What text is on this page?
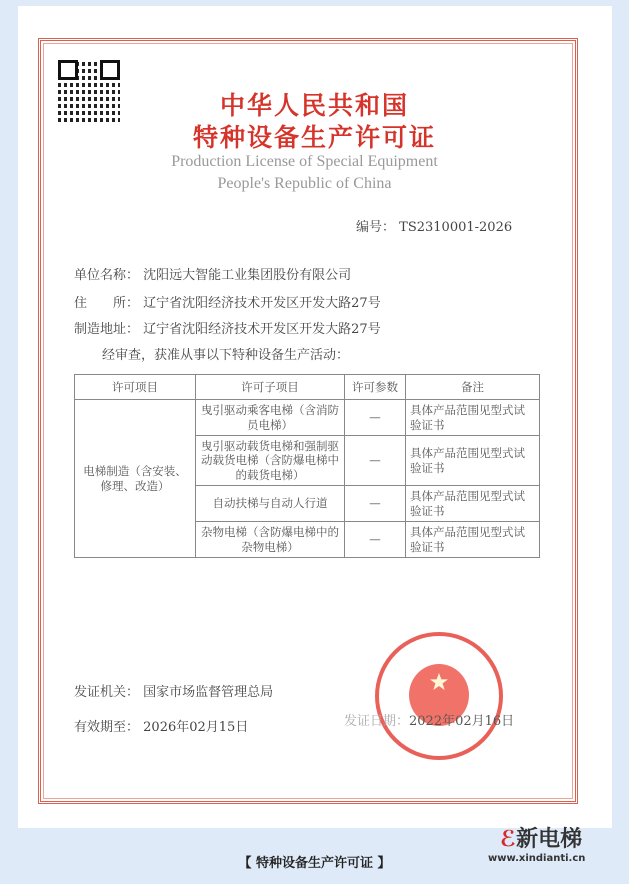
中华人民共和国
特种设备生产许可证
Production License of Special Equipment
People's Republic of China
编号： TS2310001-2026
单位名称： 沈阳远大智能工业集团股份有限公司
住　　所： 辽宁省沈阳经济技术开发区开发大路27号
制造地址： 辽宁省沈阳经济技术开发区开发大路27号
经审查，获准从事以下特种设备生产活动：
许可项目	许可子项目	许可参数	备注
电梯制造（含安装、修理、改造）	曳引驱动乘客电梯（含消防员电梯）	—	具体产品范围见型式试验证书
	曳引驱动载货电梯和强制驱动载货电梯（含防爆电梯中的载货电梯）	—	具体产品范围见型式试验证书
	自动扶梯与自动人行道	—	具体产品范围见型式试验证书
	杂物电梯（含防爆电梯中的杂物电梯）	—	具体产品范围见型式试验证书
发证机关： 国家市场监督管理总局
有效期至： 2026年02月15日	发证日期：2022年02月16日
ℰ新电梯
www.xindianti.cn
【 特种设备生产许可证 】
